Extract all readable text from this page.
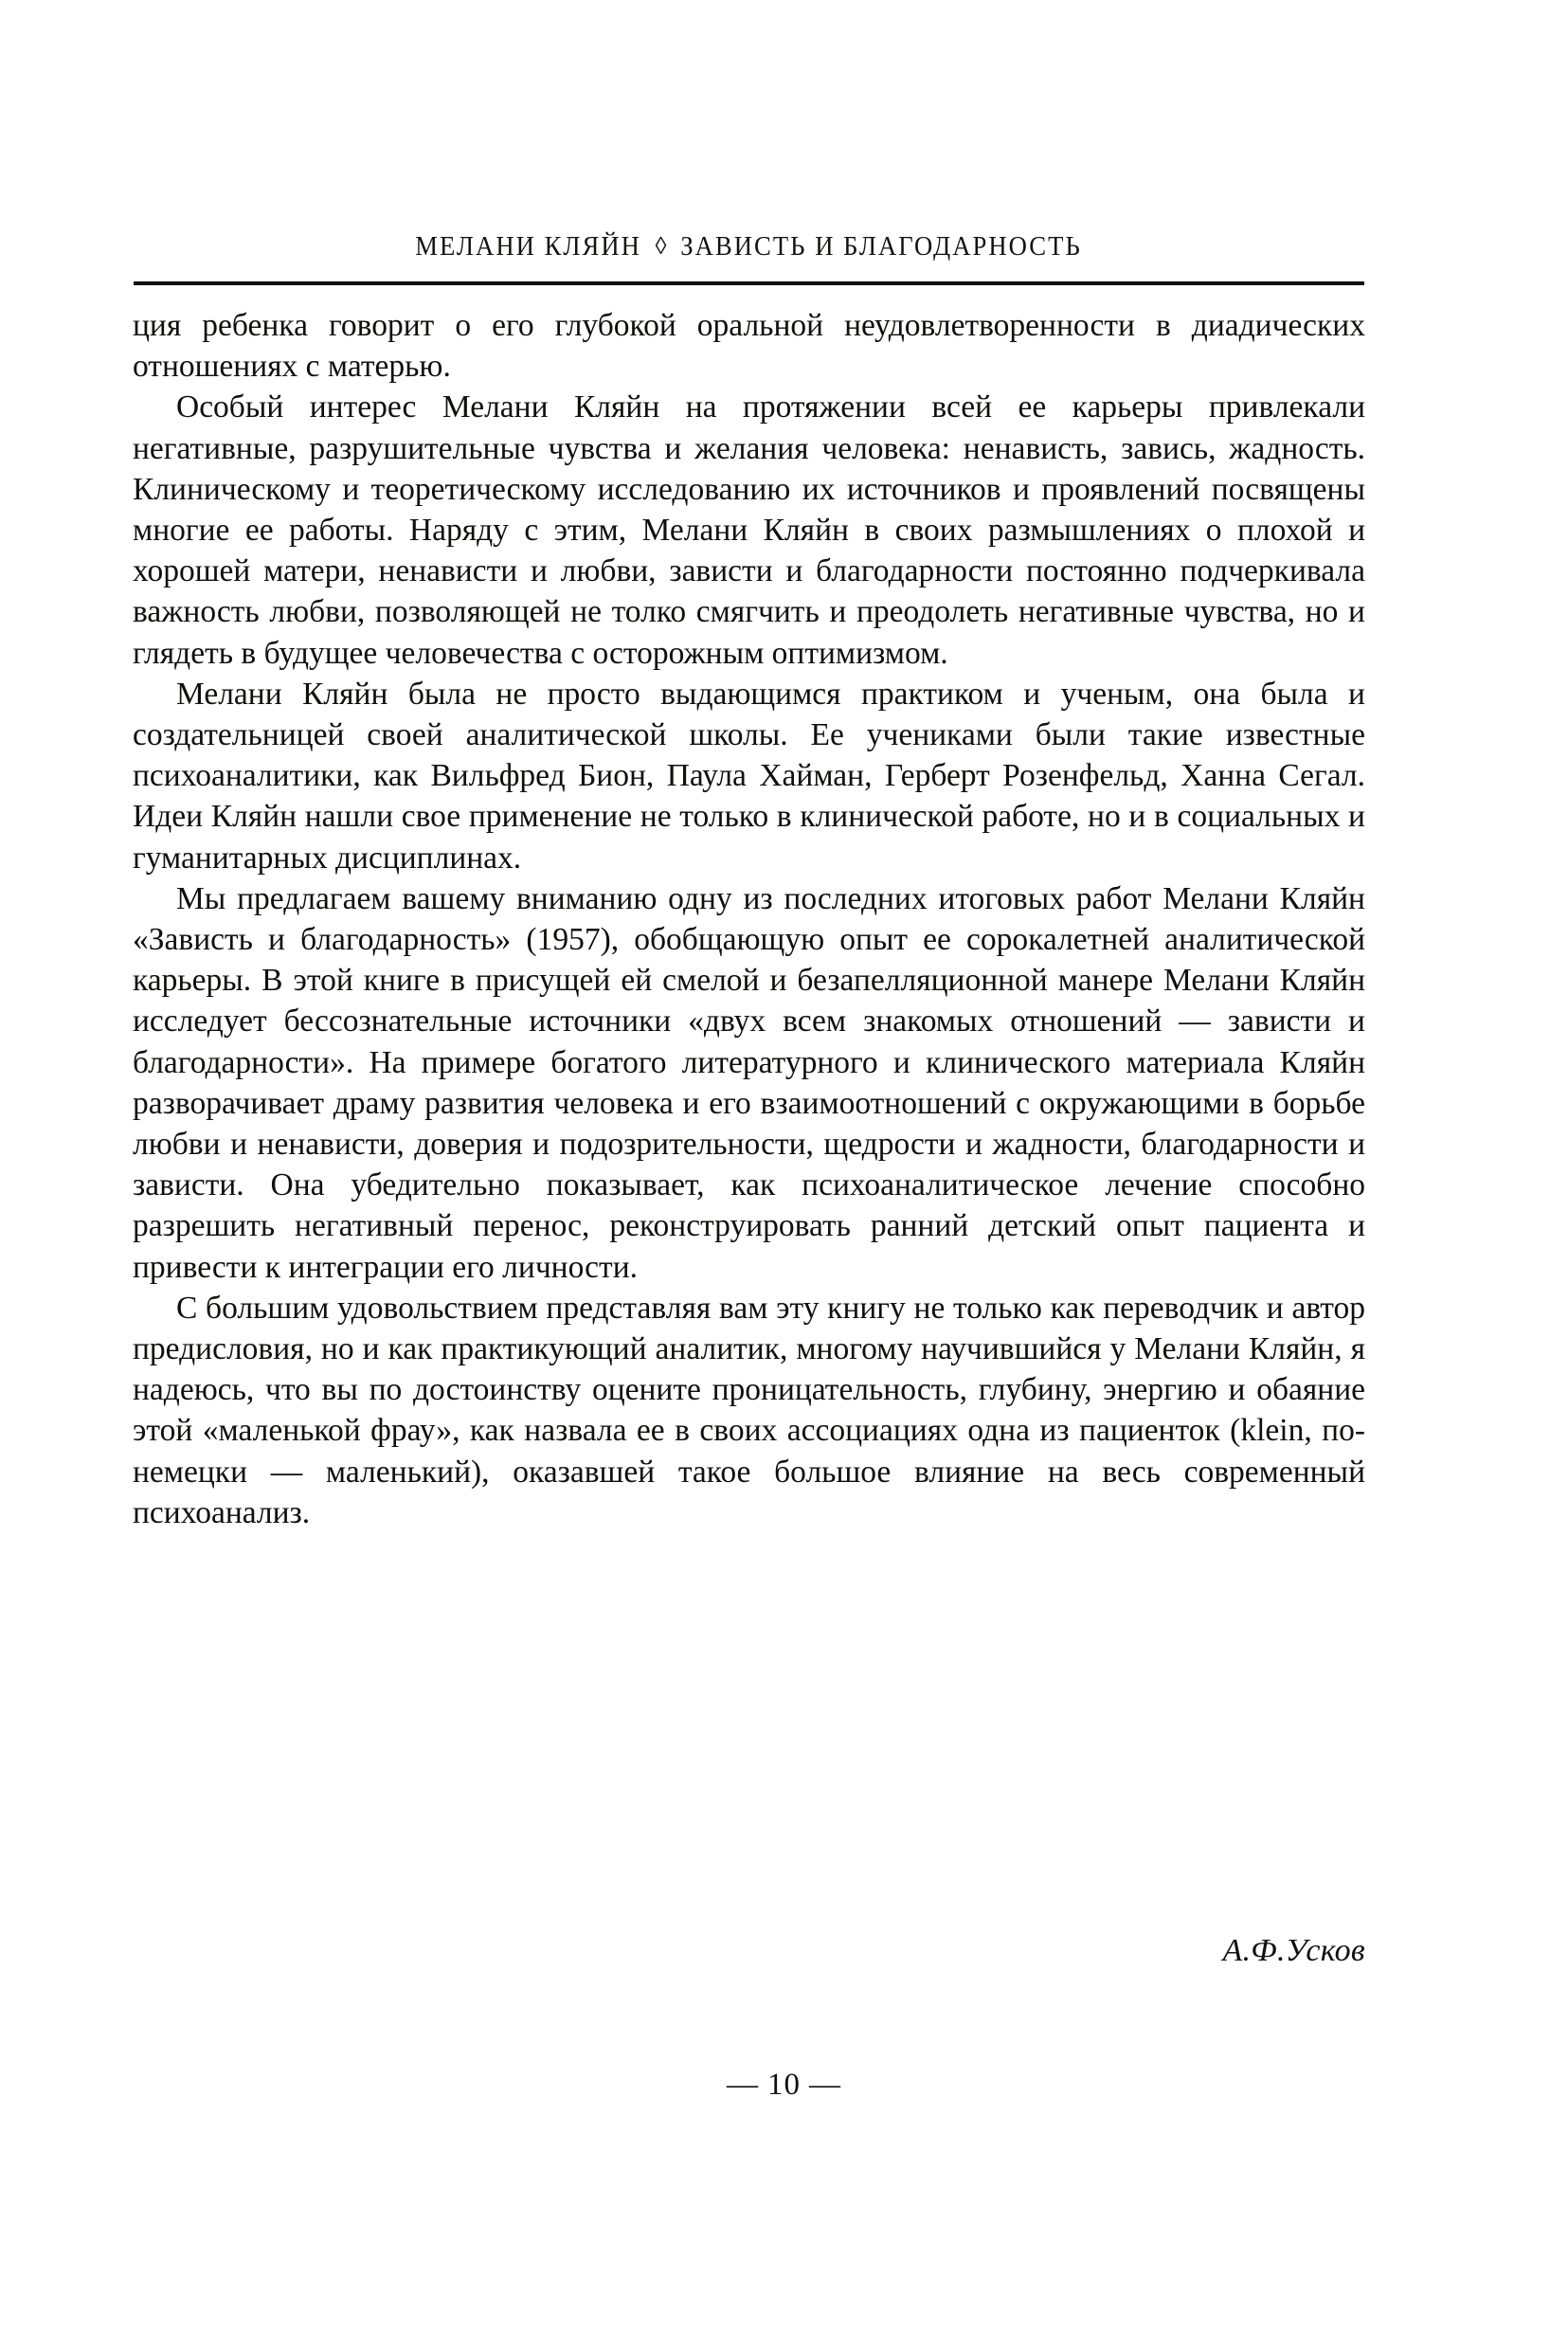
МЕЛАНИ КЛЯЙН ◊ ЗАВИСТЬ И БЛАГОДАРНОСТЬ

ция ребенка говорит о его глубокой оральной неудовлетворенности в диадических отношениях с матерью.

Особый интерес Мелани Кляйн на протяжении всей ее карьеры привлекали негативные, разрушительные чувства и желания человека: ненависть, завись, жадность. Клиническому и теоретическому исследованию их источников и проявлений посвящены многие ее работы. Наряду с этим, Мелани Кляйн в своих размышлениях о плохой и хорошей матери, ненависти и любви, зависти и благодарности постоянно подчеркивала важность любви, позволяющей не толко смягчить и преодолеть негативные чувства, но и глядеть в будущее человечества с осторожным оптимизмом.

Мелани Кляйн была не просто выдающимся практиком и ученым, она была и создательницей своей аналитической школы. Ее учениками были такие известные психоаналитики, как Вильфред Бион, Паула Хайман, Герберт Розенфельд, Ханна Сегал. Идеи Кляйн нашли свое применение не только в клинической работе, но и в социальных и гуманитарных дисциплинах.

Мы предлагаем вашему вниманию одну из последних итоговых работ Мелани Кляйн «Зависть и благодарность» (1957), обобщающую опыт ее сорокалетней аналитической карьеры. В этой книге в присущей ей смелой и безапелляционной манере Мелани Кляйн исследует бессознательные источники «двух всем знакомых отношений — зависти и благодарности». На примере богатого литературного и клинического материала Кляйн разворачивает драму развития человека и его взаимоотношений с окружающими в борьбе любви и ненависти, доверия и подозрительности, щедрости и жадности, благодарности и зависти. Она убедительно показывает, как психоаналитическое лечение способно разрешить негативный перенос, реконструировать ранний детский опыт пациента и привести к интеграции его личности.

С большим удовольствием представляя вам эту книгу не только как переводчик и автор предисловия, но и как практикующий аналитик, многому научившийся у Мелани Кляйн, я надеюсь, что вы по достоинству оцените проницательность, глубину, энергию и обаяние этой «маленькой фрау», как назвала ее в своих ассоциациях одна из пациенток (klein, по-немецки — маленький), оказавшей такое большое влияние на весь современный психоанализ.

А.Ф.Усков
— 10 —
